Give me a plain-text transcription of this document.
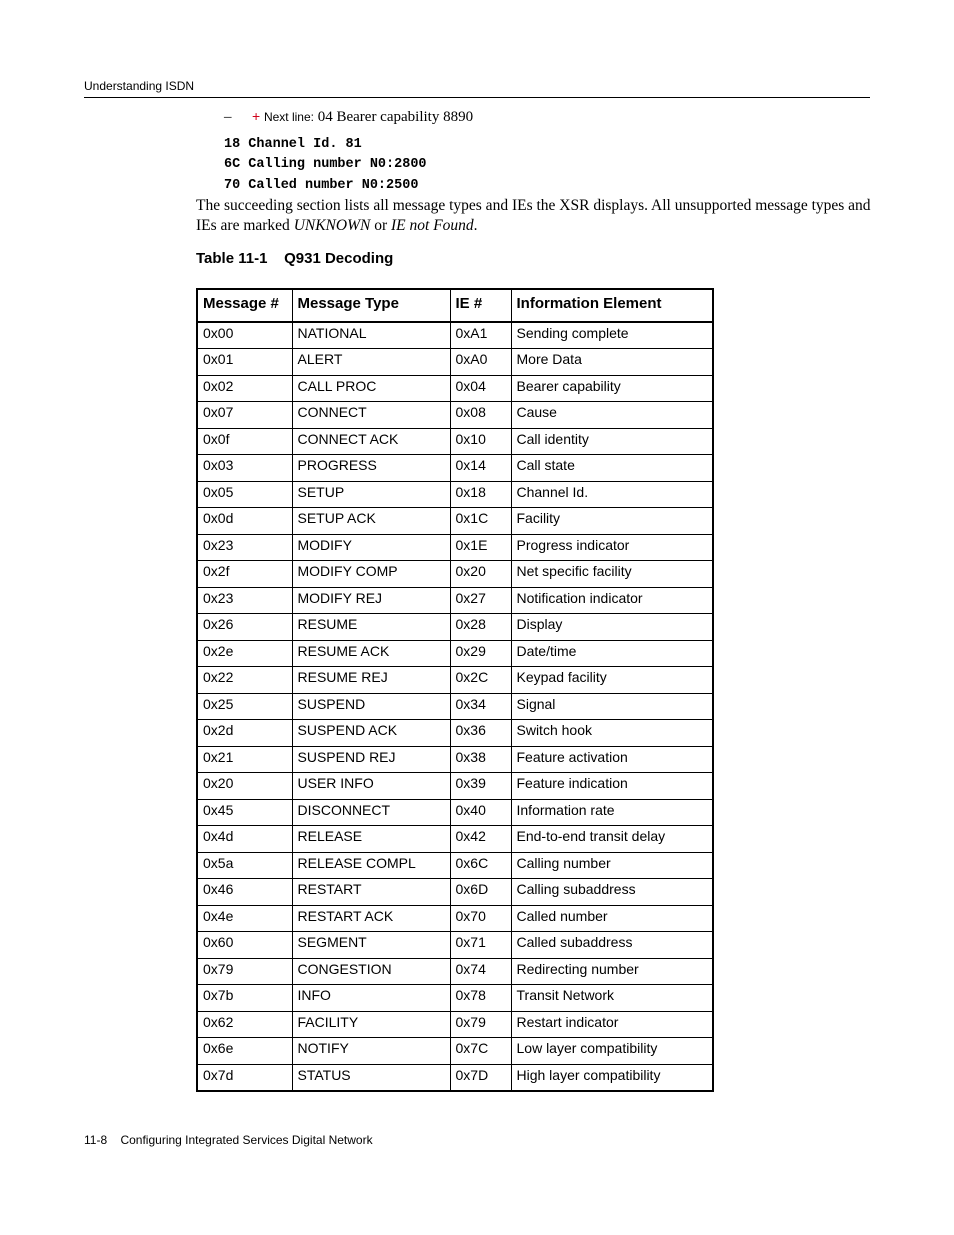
Understanding ISDN
– + Next line: 04 Bearer capability 8890
18 Channel Id. 81
6C Calling number N0:2800
70 Called number N0:2500
The succeeding section lists all message types and IEs the XSR displays. All unsupported message types and IEs are marked UNKNOWN or IE not Found.
Table 11-1    Q931 Decoding
Message #	Message Type	IE #	Information Element
0x00	NATIONAL	0xA1	Sending complete
0x01	ALERT	0xA0	More Data
0x02	CALL PROC	0x04	Bearer capability
0x07	CONNECT	0x08	Cause
0x0f	CONNECT ACK	0x10	Call identity
0x03	PROGRESS	0x14	Call state
0x05	SETUP	0x18	Channel Id.
0x0d	SETUP ACK	0x1C	Facility
0x23	MODIFY	0x1E	Progress indicator
0x2f	MODIFY COMP	0x20	Net specific facility
0x23	MODIFY REJ	0x27	Notification indicator
0x26	RESUME	0x28	Display
0x2e	RESUME ACK	0x29	Date/time
0x22	RESUME REJ	0x2C	Keypad facility
0x25	SUSPEND	0x34	Signal
0x2d	SUSPEND ACK	0x36	Switch hook
0x21	SUSPEND REJ	0x38	Feature activation
0x20	USER INFO	0x39	Feature indication
0x45	DISCONNECT	0x40	Information rate
0x4d	RELEASE	0x42	End-to-end transit delay
0x5a	RELEASE COMPL	0x6C	Calling number
0x46	RESTART	0x6D	Calling subaddress
0x4e	RESTART ACK	0x70	Called number
0x60	SEGMENT	0x71	Called subaddress
0x79	CONGESTION	0x74	Redirecting number
0x7b	INFO	0x78	Transit Network
0x62	FACILITY	0x79	Restart indicator
0x6e	NOTIFY	0x7C	Low layer compatibility
0x7d	STATUS	0x7D	High layer compatibility
11-8    Configuring Integrated Services Digital Network
